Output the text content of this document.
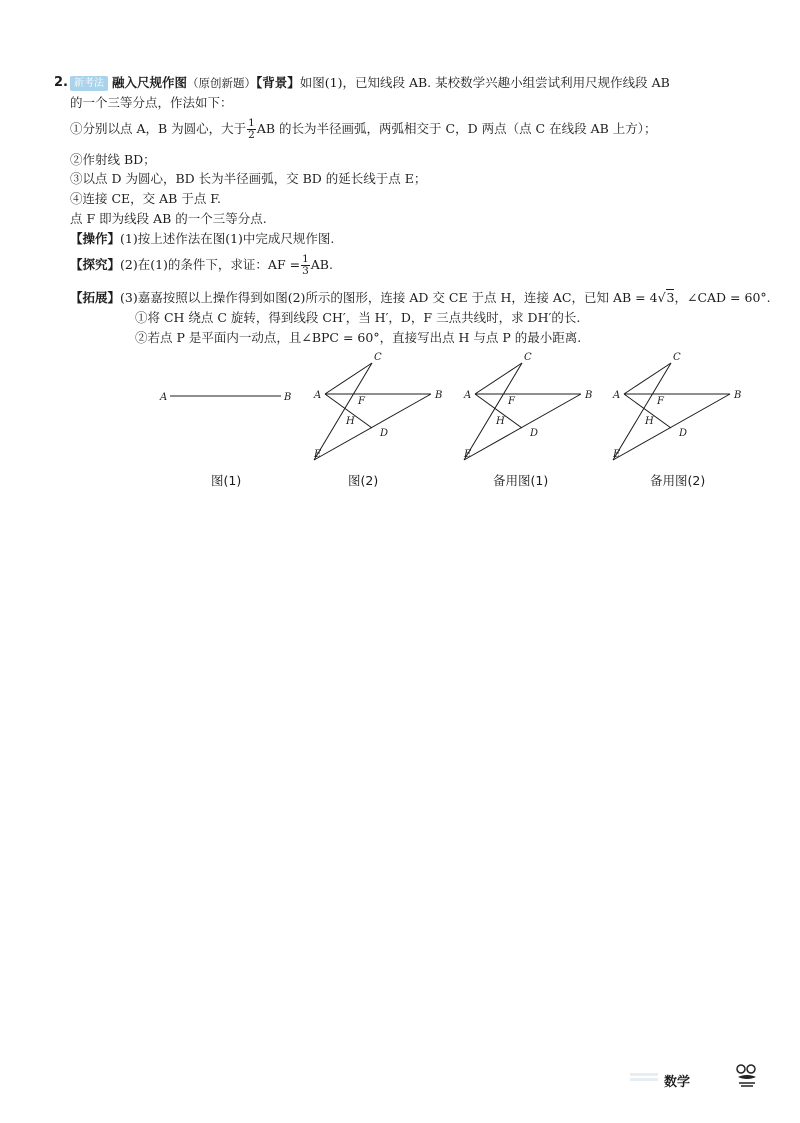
2. 新考法 融入尺规作图（原创新题）【背景】如图(1)，已知线段 AB. 某校数学兴趣小组尝试利用尺规作线段 AB
的一个三等分点，作法如下：
①分别以点 A，B 为圆心，大于 $\frac{1}{2}$ AB 的长为半径画弧，两弧相交于 C，D 两点（点 C 在线段 AB 上方）；
②作射线 BD；
③以点 D 为圆心，BD 长为半径画弧，交 BD 的延长线于点 E；
④连接 CE，交 AB 于点 F.
点 F 即为线段 AB 的一个三等分点.
【操作】(1)按上述作法在图(1)中完成尺规作图.
【探究】(2)在(1)的条件下，求证：AF = $\frac{1}{3}$ AB.
【拓展】(3)嘉嘉按照以上操作得到如图(2)所示的图形，连接 AD 交 CE 于点 H，连接 AC，已知 AB = 4√3，∠CAD = 60°.
①将 CH 绕点 C 旋转，得到线段 CH′，当 H′，D，F 三点共线时，求 DH′的长.
②若点 P 是平面内一动点，且∠BPC = 60°，直接写出点 H 与点 P 的最小距离.
A	B
C
A	B
F
H
D
E
C
A	B
F
H
D
E
C
A	B
F
H
D
E
图(1)	图(2)	备用图(1)	备用图(2)
数学
